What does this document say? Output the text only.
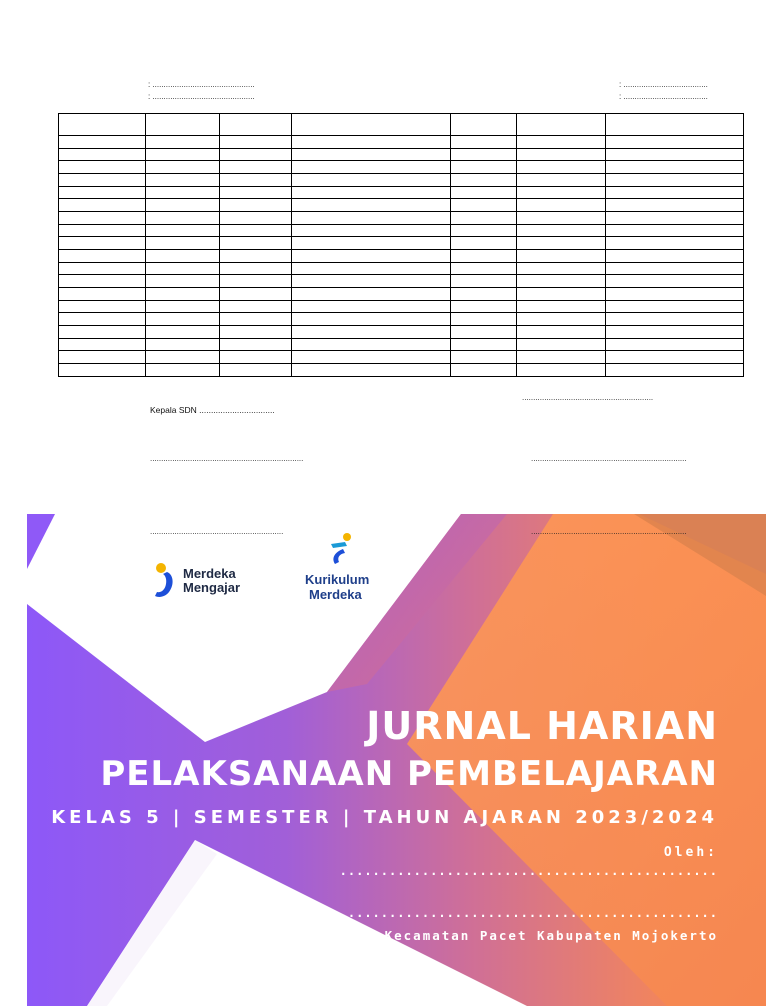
: ..............................................
: ..............................................
: ......................................
: ......................................

...........................................................
Kepala SDN ................................
.....................................................................	......................................................................
............................................................	......................................................................
Merdeka
Mengajar
Kurikulum
Merdeka
JURNAL HARIAN
PELAKSANAAN PEMBELAJARAN
KELAS 5 | SEMESTER | TAHUN AJARAN 2023/2024
Oleh:
..............................................
..............................................
Kecamatan Pacet Kabupaten Mojokerto
